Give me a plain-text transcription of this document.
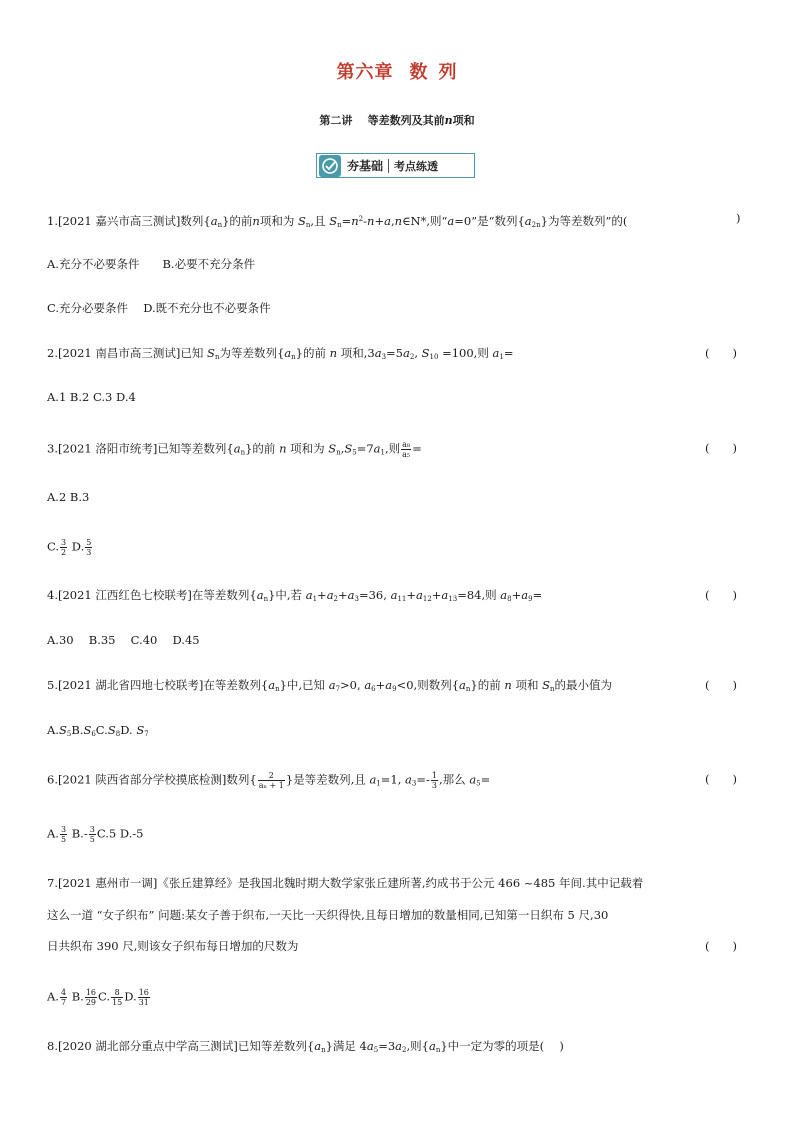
第六章 数 列
第二讲 等差数列及其前n项和
夯基础 考点练透
1.[2021 嘉兴市高三测试]数列$\{a_n\}$的前n项和为 $S_n$,且 $S_n=n^2-n+a,n\in N*$,则“a=0”是“数列$\{a_{2n}\}$为等差数列”的(	)
A.充分不必要条件　　B.必要不充分条件
C.充分必要条件　 D.既不充分也不必要条件
2.[2021 南昌市高三测试]已知 $S_n$为等差数列$\{a_n\}$的前 n 项和$,3a_3=5a_2$, $S_{10} =100$,则 $a_1=$	(　　)
A.1 B.2 C.3 D.4
3.[2021 洛阳市统考]已知等差数列$\{a_n\}$的前 n 项和为 $S_n,S_5=7a_1$,则 $\frac{\text{a₈}}{\text{a₅}}$ =	(　　)
A.2 B.3
C. $\frac{3}{2} D$. $\frac{5}{3}$
4.[2021 江西红色七校联考]在等差数列$\{a_n\}$中,若 $a_1+a_2+a_3=36$, $a_{11}+a_{12}+a_{13}=84$,则 $a_8+a_9=$	(　　)
A.30　 B.35　 C.40　 D.45
5.[2021 湖北省四地七校联考]在等差数列$\{a_n\}$中,已知 $a_7>0$, $a_6+a_9<0$,则数列$\{a_n\}$的前 n 项和 $S_n$的最小值为	(　　)
$A.S_5B.S_6C.S_8D$. $S_7$
6.[2021 陕西省部分学校摸底检测]数列{ $\frac{2}{\text{aₙ + 1}}$ }是等差数列,且 $a_1=1$, $a_3=- \frac{1}{3}$ ,那么 $a_5=$	(　　)
A. $\frac{3}{5} B.- \frac{3}{5} C.5$ D.-5
7.[2021 惠州市一调]《张丘建算经》是我国北魏时期大数学家张丘建所著,约成书于公元 466 ~485 年间.其中记载着
这么一道 “女子织布” 问题:某女子善于织布,一天比一天织得快,且每日增加的数量相同,已知第一日织布 5 尺,30
日共织布 390 尺,则该女子织布每日增加的尺数为	(　　)
A. $\frac{4}{7} B$. $\frac{16}{29} C$. $\frac{8}{15} D$. $\frac{16}{31}$
8.[2020 湖北部分重点中学高三测试]已知等差数列$\{a_n\}$满足 $4a_5=3a_2$,则$\{a_n\}$中一定为零的项是(　 )
